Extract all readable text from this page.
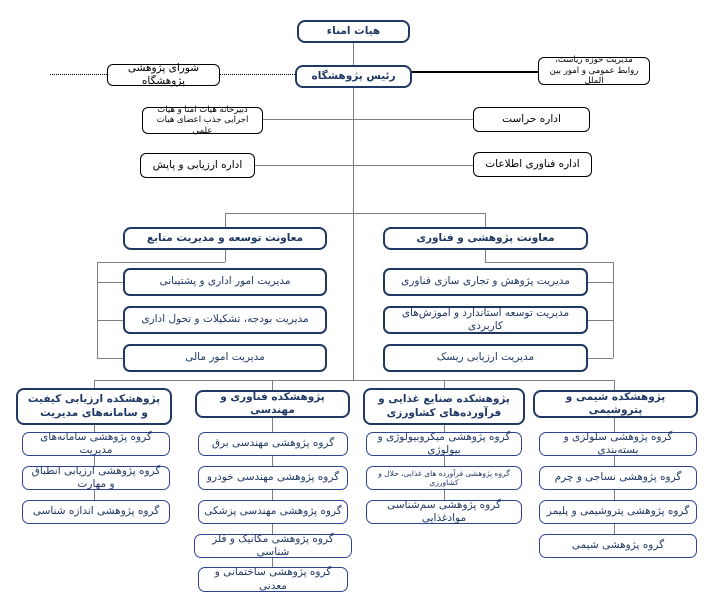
هیات امناء
رئیس پژوهشگاه
شورای پژوهشی پژوهشگاه
مدیریت حوزه ریاست، روابط عمومی و امور بین الملل
دبیرخانه هیات امنا و هیات اجرایی جذب اعضای هیات علمی
اداره حراست
اداره فناوری اطلاعات
اداره ارزیابی و پایش
معاونت توسعه و مدیریت منابع	معاونت پژوهشی و فناوری
مدیریت امور اداری و پشتیبانی
مدیریت بودجه، تشکیلات و تحول اداری
مدیریت امور مالی
مدیریت پژوهش و تجاری سازی فناوری
مدیریت توسعه استاندارد و آموزش‌های کاربردی
مدیریت ارزیابی ریسک
پژوهشکده ارزیابی کیفیت و سامانه‌های مدیریت
گروه پژوهشی سامانه‌های مدیریت
گروه پژوهشی ارزیابی انطباق و مهارت
گروه پژوهشی اندازه شناسی
پژوهشکده فناوری و مهندسی
گروه پژوهشی مهندسی برق
گروه پژوهشی مهندسی خودرو
گروه پژوهشی مهندسی پزشکی
گروه پژوهشی مکانیک و فلز شناسی
گروه پژوهشی ساختمانی و معدنی
پژوهشکده صنایع غذایی و فرآورده‌های کشاورزی
گروه پژوهشی میکروبیولوژی و بیولوژی
گروه پژوهشی فرآورده های غذایی، حلال و کشاورزی
گروه پژوهشی سم‌شناسی موادغذایی
پژوهشکده شیمی و پتروشیمی
گروه پژوهشی سلولزی و بسته‌بندی
گروه پژوهشی نساجی و چرم
گروه پژوهشی پتروشیمی و پلیمر
گروه پژوهشی شیمی
